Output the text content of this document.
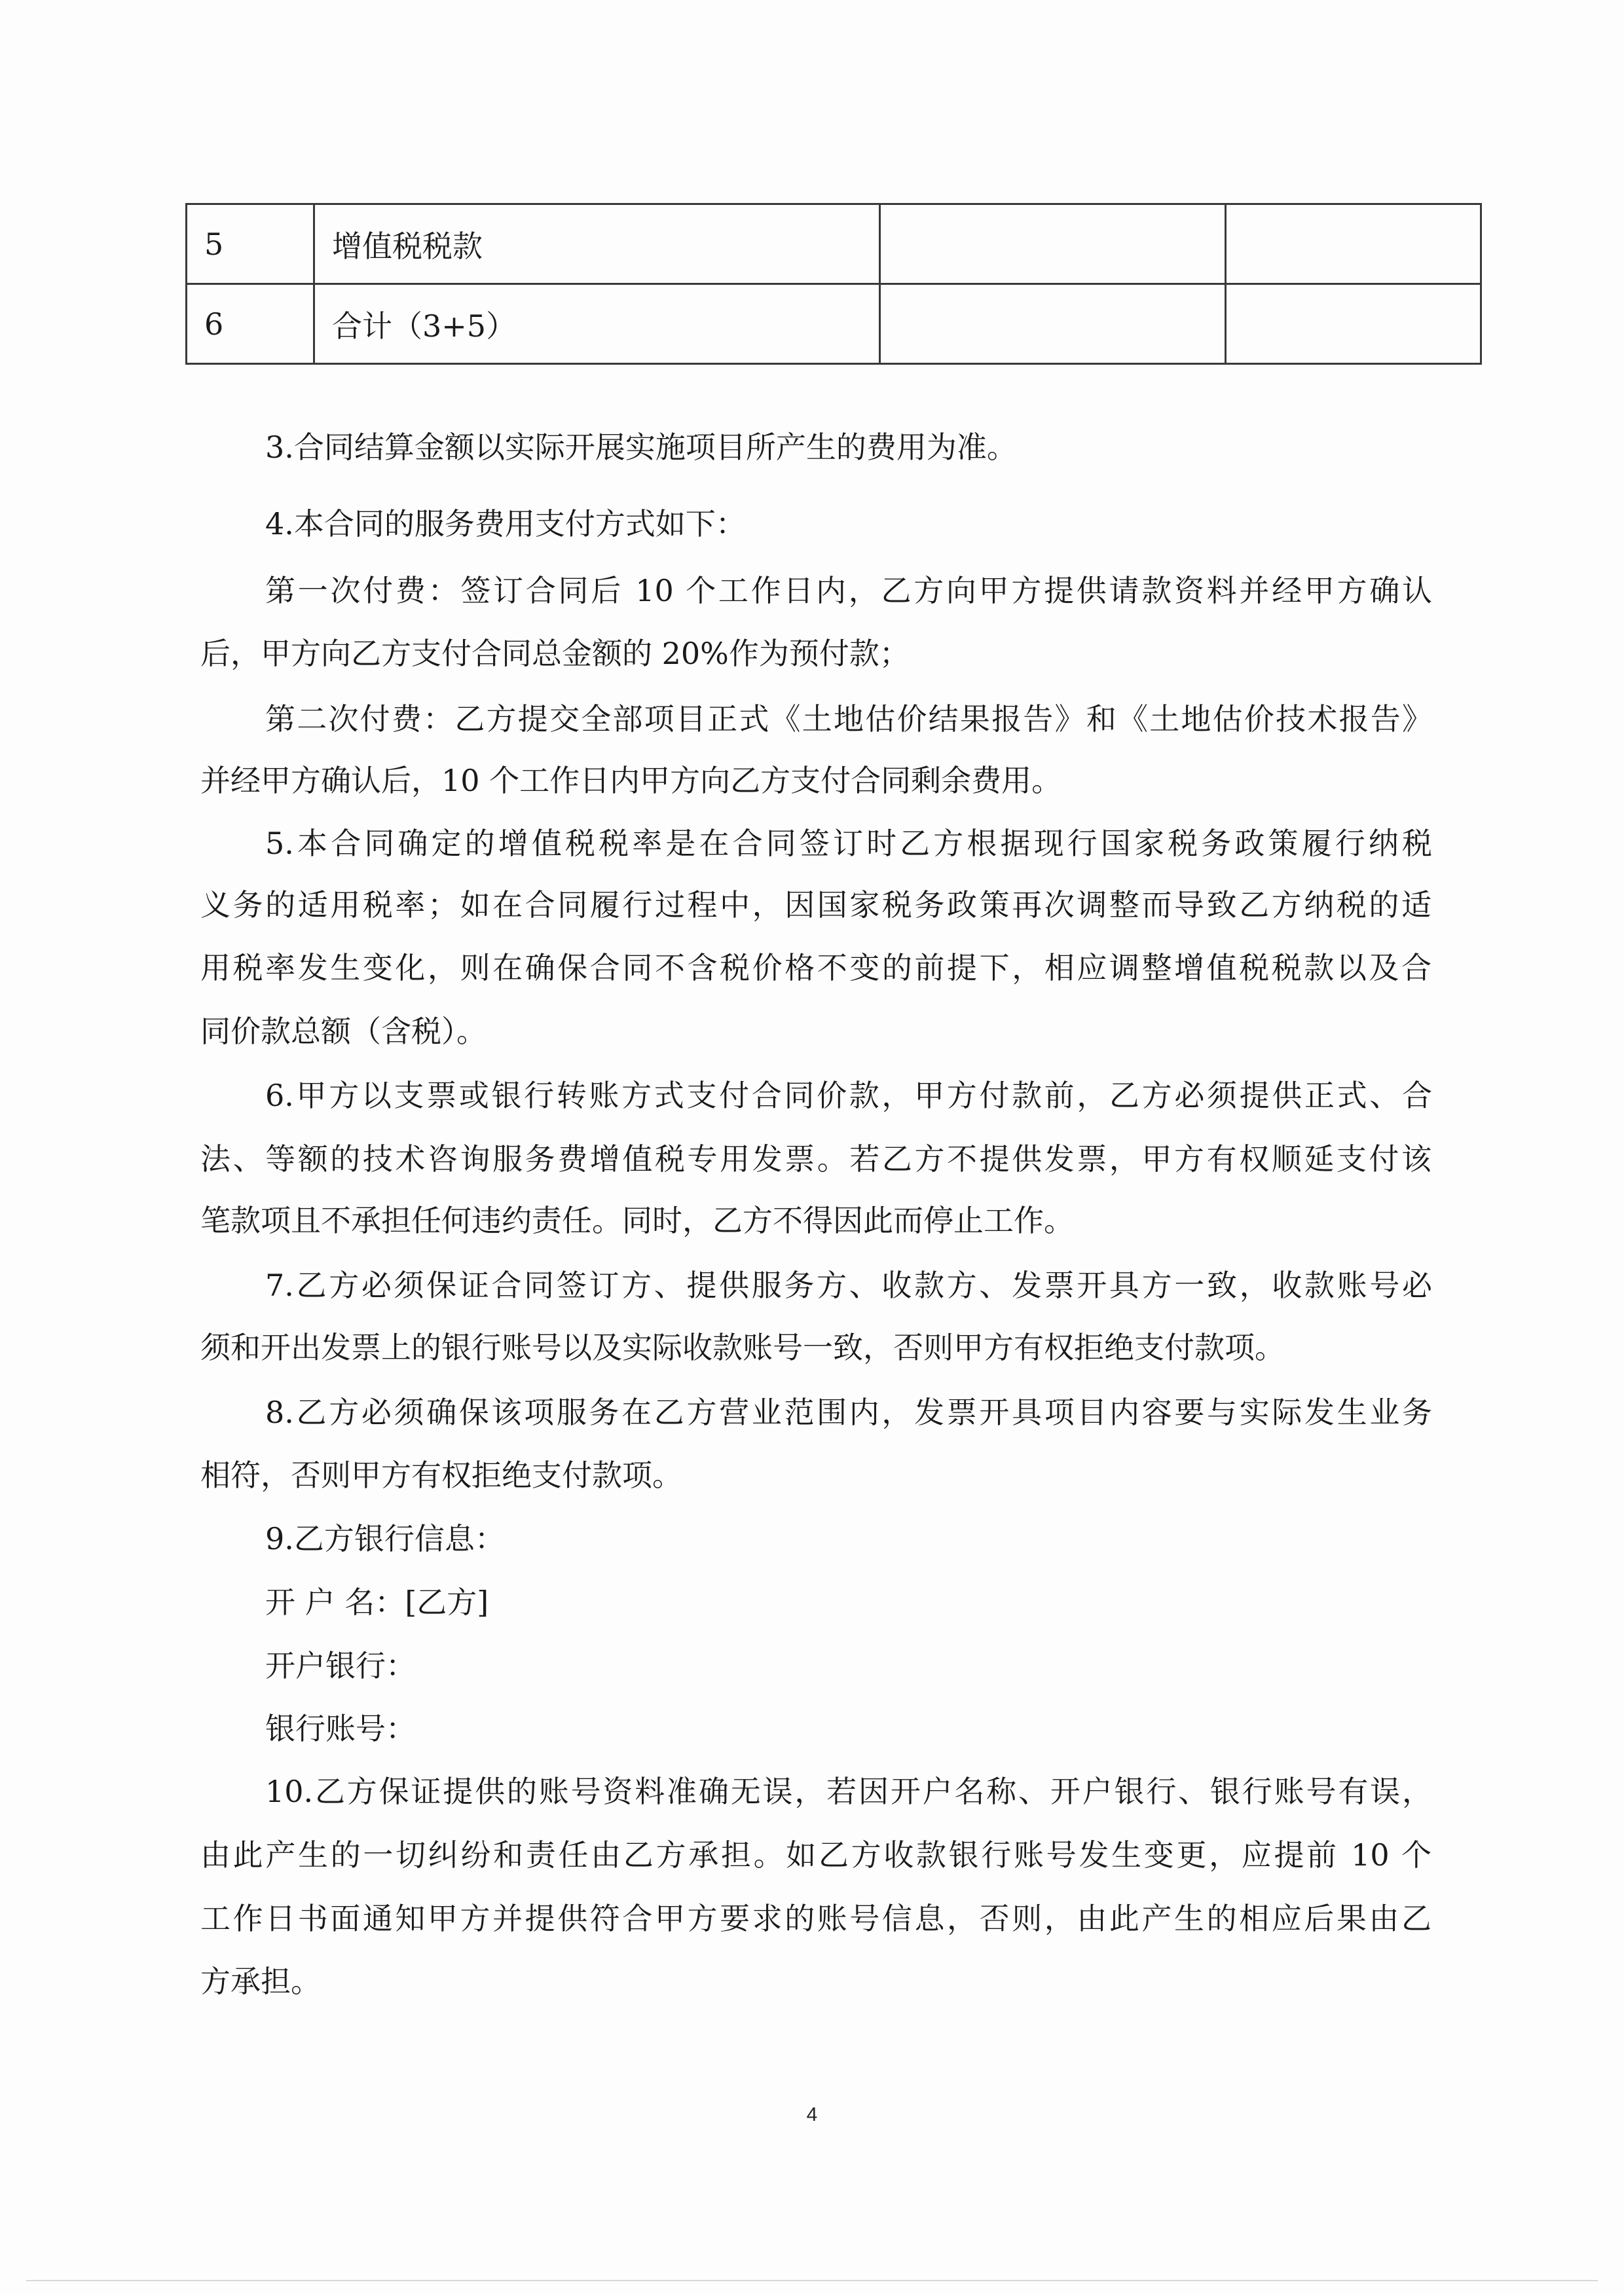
5	增值税税款		
6	合计（3+5）		
3.合同结算金额以实际开展实施项目所产生的费用为准。
4.本合同的服务费用支付方式如下：
第一次付费：签订合同后 10 个工作日内，乙方向甲方提供请款资料并经甲方确认
后，甲方向乙方支付合同总金额的 20%作为预付款；
第二次付费：乙方提交全部项目正式《土地估价结果报告》和《土地估价技术报告》
并经甲方确认后，10 个工作日内甲方向乙方支付合同剩余费用。
5.本合同确定的增值税税率是在合同签订时乙方根据现行国家税务政策履行纳税
义务的适用税率；如在合同履行过程中，因国家税务政策再次调整而导致乙方纳税的适
用税率发生变化，则在确保合同不含税价格不变的前提下，相应调整增值税税款以及合
同价款总额（含税）。
6.甲方以支票或银行转账方式支付合同价款，甲方付款前，乙方必须提供正式、合
法、等额的技术咨询服务费增值税专用发票。若乙方不提供发票，甲方有权顺延支付该
笔款项且不承担任何违约责任。同时，乙方不得因此而停止工作。
7.乙方必须保证合同签订方、提供服务方、收款方、发票开具方一致，收款账号必
须和开出发票上的银行账号以及实际收款账号一致，否则甲方有权拒绝支付款项。
8.乙方必须确保该项服务在乙方营业范围内，发票开具项目内容要与实际发生业务
相符，否则甲方有权拒绝支付款项。
9.乙方银行信息：
开 户 名：[乙方]
开户银行：
银行账号：
10.乙方保证提供的账号资料准确无误，若因开户名称、开户银行、银行账号有误，
由此产生的一切纠纷和责任由乙方承担。如乙方收款银行账号发生变更，应提前 10 个
工作日书面通知甲方并提供符合甲方要求的账号信息，否则，由此产生的相应后果由乙
方承担。
4
